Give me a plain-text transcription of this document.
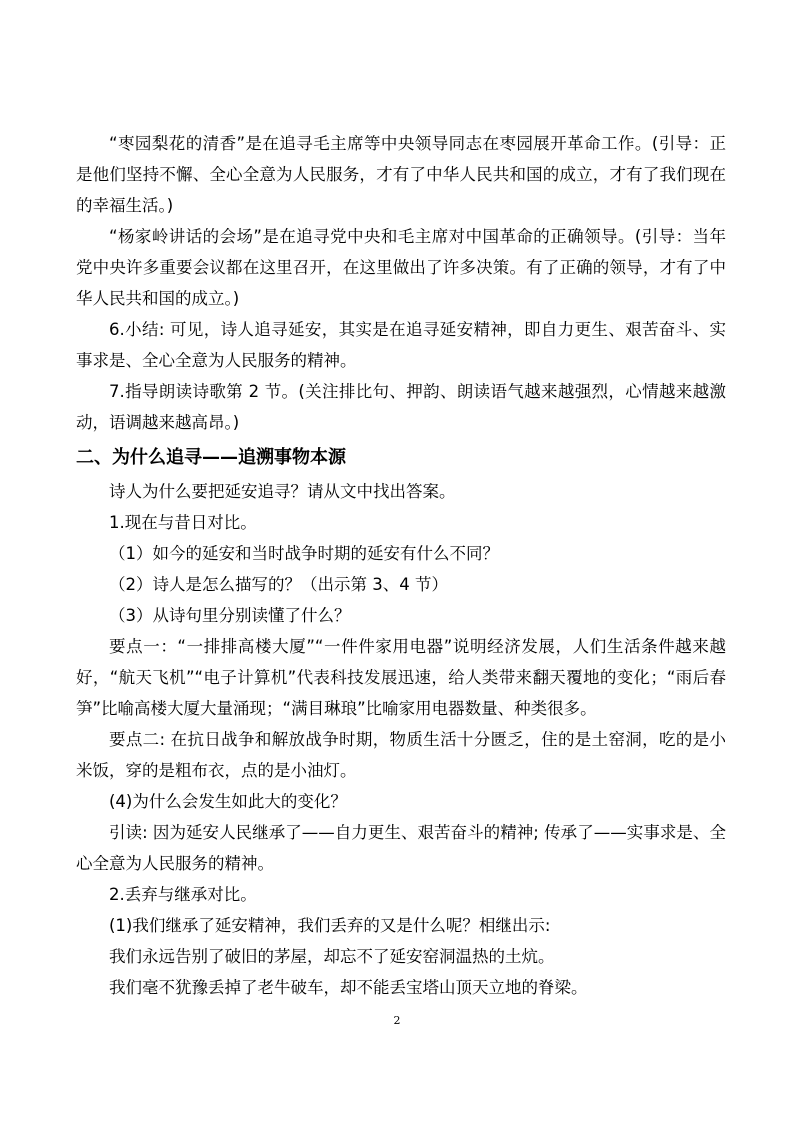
“枣园梨花的清香”是在追寻毛主席等中央领导同志在枣园展开革命工作。(引导：正是他们坚持不懈、全心全意为人民服务，才有了中华人民共和国的成立，才有了我们现在的幸福生活。)

“杨家岭讲话的会场”是在追寻党中央和毛主席对中国革命的正确领导。(引导：当年党中央许多重要会议都在这里召开，在这里做出了许多决策。有了正确的领导，才有了中华人民共和国的成立。)

6.小结: 可见，诗人追寻延安，其实是在追寻延安精神，即自力更生、艰苦奋斗、实事求是、全心全意为人民服务的精神。

7.指导朗读诗歌第 2 节。(关注排比句、押韵、朗读语气越来越强烈，心情越来越激动，语调越来越高昂。)

二、为什么追寻——追溯事物本源

诗人为什么要把延安追寻？请从文中找出答案。

1.现在与昔日对比。

（1）如今的延安和当时战争时期的延安有什么不同？

（2）诗人是怎么描写的？（出示第 3、4 节）

（3）从诗句里分别读懂了什么？

要点一：“一排排高楼大厦”“一件件家用电器”说明经济发展，人们生活条件越来越好，“航天飞机”“电子计算机”代表科技发展迅速，给人类带来翻天覆地的变化；“雨后春笋”比喻高楼大厦大量涌现；“满目琳琅”比喻家用电器数量、种类很多。

要点二: 在抗日战争和解放战争时期，物质生活十分匮乏，住的是土窑洞，吃的是小米饭，穿的是粗布衣，点的是小油灯。

(4)为什么会发生如此大的变化？

引读: 因为延安人民继承了——自力更生、艰苦奋斗的精神; 传承了——实事求是、全心全意为人民服务的精神。

2.丢弃与继承对比。

(1)我们继承了延安精神，我们丢弃的又是什么呢？相继出示:

我们永远告别了破旧的茅屋，却忘不了延安窑洞温热的土炕。

我们毫不犹豫丢掉了老牛破车，却不能丢宝塔山顶天立地的脊梁。

2
